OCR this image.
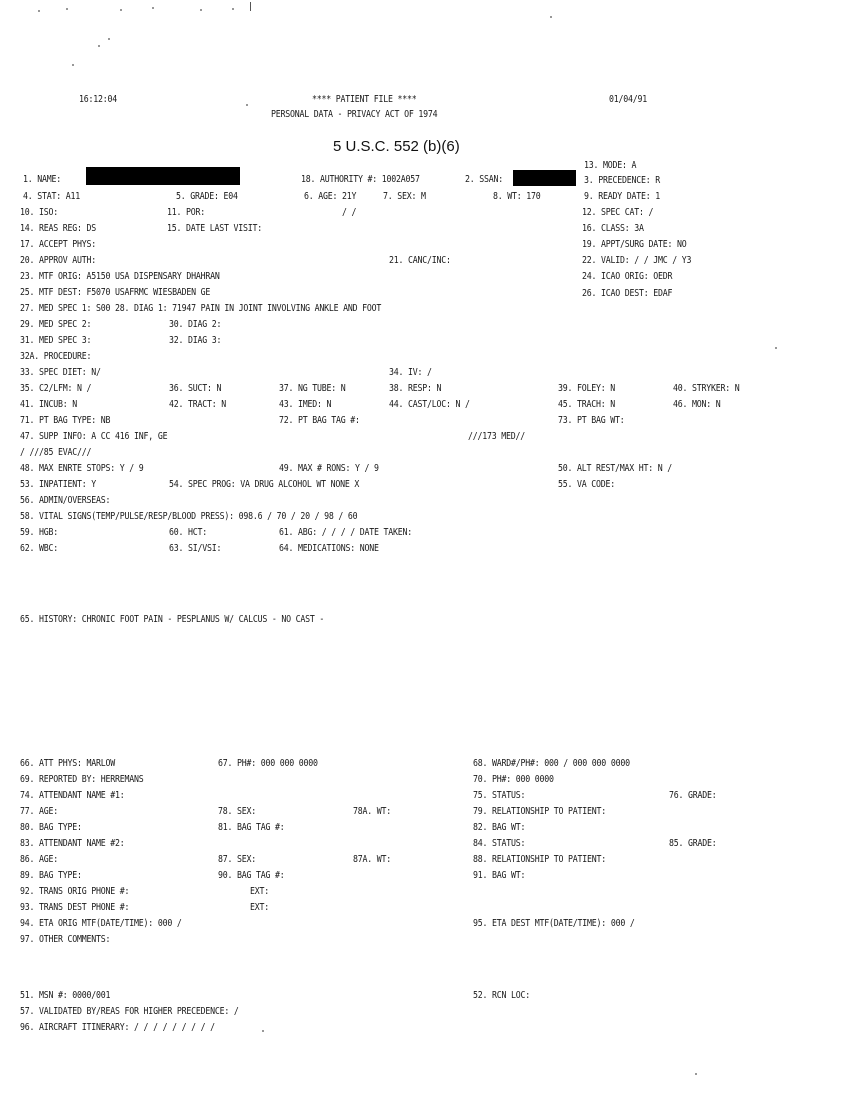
16:12:04	**** PATIENT FILE ****
PERSONAL DATA - PRIVACY ACT OF 1974
01/04/91
5 U.S.C. 552 (b)(6)
13. MODE: A
1. NAME:	18. AUTHORITY #: 1002A057	2. SSAN:	3. PRECEDENCE: R
4. STAT: A11	5. GRADE: E04	6. AGE: 21Y	7. SEX: M	8. WT: 170	9. READY DATE: 1
10. ISO:	11. POR:	/ /	12. SPEC CAT: /
14. REAS REG: DS	15. DATE LAST VISIT:	16. CLASS: 3A
17. ACCEPT PHYS:	19. APPT/SURG DATE: NO
20. APPROV AUTH:	21. CANC/INC:	22. VALID: / / JMC / Y3
23. MTF ORIG: A5150 USA DISPENSARY DHAHRAN	24. ICAO ORIG: OEDR
25. MTF DEST: F5070 USAFRMC WIESBADEN GE	26. ICAO DEST: EDAF
27. MED SPEC 1: S00 28. DIAG 1: 71947 PAIN IN JOINT INVOLVING ANKLE AND FOOT
29. MED SPEC 2:	30. DIAG 2:
31. MED SPEC 3:	32. DIAG 3:
32A. PROCEDURE:
33. SPEC DIET: N/	34. IV: /
35. C2/LFM: N /	36. SUCT: N	37. NG TUBE: N	38. RESP: N	39. FOLEY: N	40. STRYKER: N
41. INCUB: N	42. TRACT: N	43. IMED: N	44. CAST/LOC: N /	45. TRACH: N	46. MON: N
71. PT BAG TYPE: NB	72. PT BAG TAG #:	73. PT BAG WT:
47. SUPP INFO: A CC 416 INF, GE	///173 MED//
/ ///85 EVAC///
48. MAX ENRTE STOPS: Y / 9	49. MAX # RONS: Y / 9	50. ALT REST/MAX HT: N /
53. INPATIENT: Y	54. SPEC PROG: VA DRUG ALCOHOL WT NONE X	55. VA CODE:
56. ADMIN/OVERSEAS:
58. VITAL SIGNS(TEMP/PULSE/RESP/BLOOD PRESS): 098.6 / 70 / 20 / 98 / 60
59. HGB:	60. HCT:	61. ABG: / / / / DATE TAKEN:
62. WBC:	63. SI/VSI:	64. MEDICATIONS: NONE
65. HISTORY: CHRONIC FOOT PAIN - PESPLANUS W/ CALCUS - NO CAST -
66. ATT PHYS: MARLOW	67. PH#: 000 000 0000	68. WARD#/PH#: 000 / 000 000 0000
69. REPORTED BY: HERREMANS	70. PH#: 000 0000
74. ATTENDANT NAME #1:	75. STATUS:	76. GRADE:
77. AGE:	78. SEX:	78A. WT:	79. RELATIONSHIP TO PATIENT:
80. BAG TYPE:	81. BAG TAG #:	82. BAG WT:
83. ATTENDANT NAME #2:	84. STATUS:	85. GRADE:
86. AGE:	87. SEX:	87A. WT:	88. RELATIONSHIP TO PATIENT:
89. BAG TYPE:	90. BAG TAG #:	91. BAG WT:
92. TRANS ORIG PHONE #:	EXT:
93. TRANS DEST PHONE #:	EXT:
94. ETA ORIG MTF(DATE/TIME): 000 /	95. ETA DEST MTF(DATE/TIME): 000 /
97. OTHER COMMENTS:
51. MSN #: 0000/001	52. RCN LOC:
57. VALIDATED BY/REAS FOR HIGHER PRECEDENCE: /
96. AIRCRAFT ITINERARY: / / / / / / / / /
